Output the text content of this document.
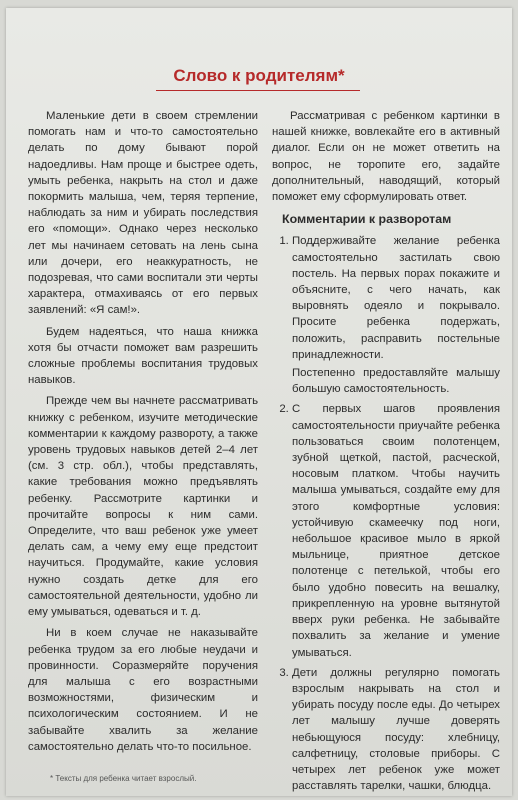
Слово к родителям*

Маленькие дети в своем стремлении помогать нам и что-то самостоятельно делать по дому бывают порой надоедливы. Нам проще и быстрее одеть, умыть ребенка, накрыть на стол и даже покормить малыша, чем, теряя терпение, наблюдать за ним и убирать последствия его «помощи». Однако через несколько лет мы начинаем сетовать на лень сына или дочери, его неаккуратность, не подозревая, что сами воспитали эти черты характера, отмахиваясь от его первых заявлений: «Я сам!».

Будем надеяться, что наша книжка хотя бы отчасти поможет вам разрешить сложные проблемы воспитания трудовых навыков.

Прежде чем вы начнете рассматривать книжку с ребенком, изучите методические комментарии к каждому развороту, а также уровень трудовых навыков детей 2–4 лет (см. 3 стр. обл.), чтобы представлять, какие требования можно предъявлять ребенку. Рассмотрите картинки и прочитайте вопросы к ним сами. Определите, что ваш ребенок уже умеет делать сам, а чему ему еще предстоит научиться. Продумайте, какие условия нужно создать детке для его самостоятельной деятельности, удобно ли ему умываться, одеваться и т. д.

Ни в коем случае не наказывайте ребенка трудом за его любые неудачи и провинности. Соразмеряйте поручения для малыша с его возрастными возможностями, физическим и психологическим состоянием. И не забывайте хвалить за желание самостоятельно делать что-то посильное.

Рассматривая с ребенком картинки в нашей книжке, вовлекайте его в активный диалог. Если он не может ответить на вопрос, не торопите его, задайте дополнительный, наводящий, который поможет ему сформулировать ответ.

Комментарии к разворотам
1. Поддерживайте желание ребенка самостоятельно застилать свою постель. На первых порах покажите и объясните, с чего начать, как выровнять одеяло и покрывало. Просите ребенка подержать, положить, расправить постельные принадлежности.

Постепенно предоставляйте малышу большую самостоятельность.

2. С первых шагов проявления самостоятельности приучайте ребенка пользоваться своим полотенцем, зубной щеткой, пастой, расческой, носовым платком. Чтобы научить малыша умываться, создайте ему для этого комфортные условия: устойчивую скамеечку под ноги, небольшое красивое мыло в яркой мыльнице, приятное детское полотенце с петелькой, чтобы его было удобно повесить на вешалку, прикрепленную на уровне вытянутой вверх руки ребенка. Не забывайте похвалить за желание и умение умываться.
3. Дети должны регулярно помогать взрослым накрывать на стол и убирать посуду после еды. До четырех лет малышу лучше доверять небьющуюся посуду: хлебницу, салфетницу, столовые приборы. С четырех лет ребенок уже может расставлять тарелки, чашки, блюдца.
* Тексты для ребенка читает взрослый.
